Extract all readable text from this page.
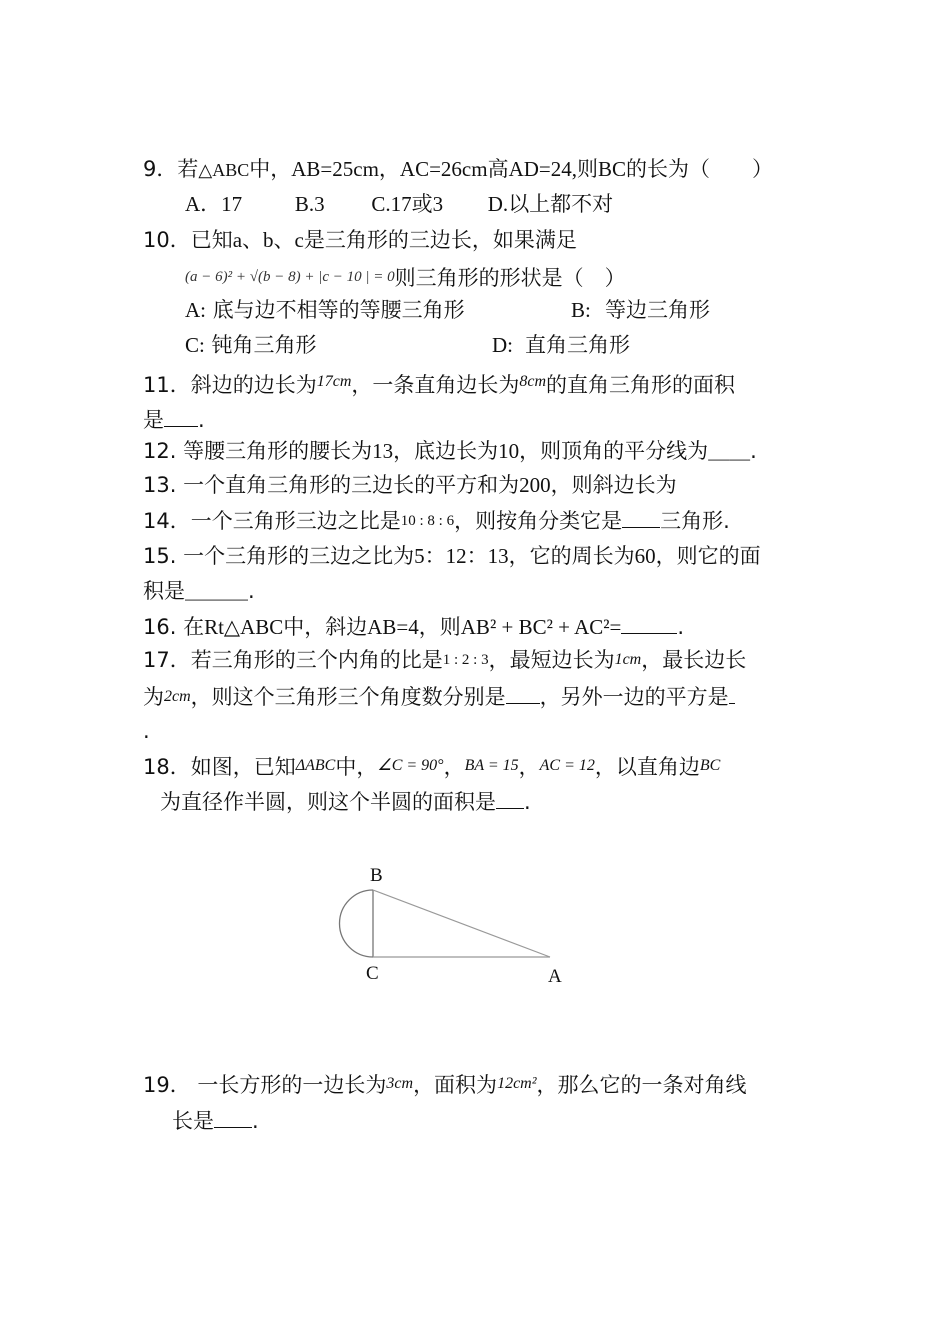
9．若△ABC中，AB=25cm，AC=26cm高AD=24,则BC的长为（　　）
A．17	B.3 C.17或3 D.以上都不对
10．已知a、b、c是三角形的三边长，如果满足
(a − 6)² + √(b − 8) + |c − 10 | = 0则三角形的形状是（　）
A: 底与边不相等的等腰三角形	B: 等边三角形
C: 钝角三角形	D: 直角三角形
11．斜边的边长为$^{17cm}$，一条直角边长为$^{8cm}$的直角三角形的面积
是 .
12. 等腰三角形的腰长为13，底边长为10，则顶角的平分线为＿＿.
13. 一个直角三角形的三边长的平方和为200，则斜边长为
14．一个三角形三边之比是10 : 8 : 6，则按角分类它是 三角形.
15. 一个三角形的三边之比为5：12：13，它的周长为60，则它的面
积是＿＿＿.
16. 在Rt△ABC中，斜边AB=4，则AB² + BC² + AC²=	.
17．若三角形的三个内角的比是1 : 2 : 3，最短边长为1cm，最长边长
为2cm，则这个三角形三个角度数分别是 ，另外一边的平方是
.
18．如图，已知ΔABC中，∠C = 90°，BA = 15，AC = 12，以直角边BC
为直径作半圆，则这个半圆的面积是 .
B
C	A
19． 一长方形的一边长为3cm，面积为12cm²，那么它的一条对角线
长是 .
